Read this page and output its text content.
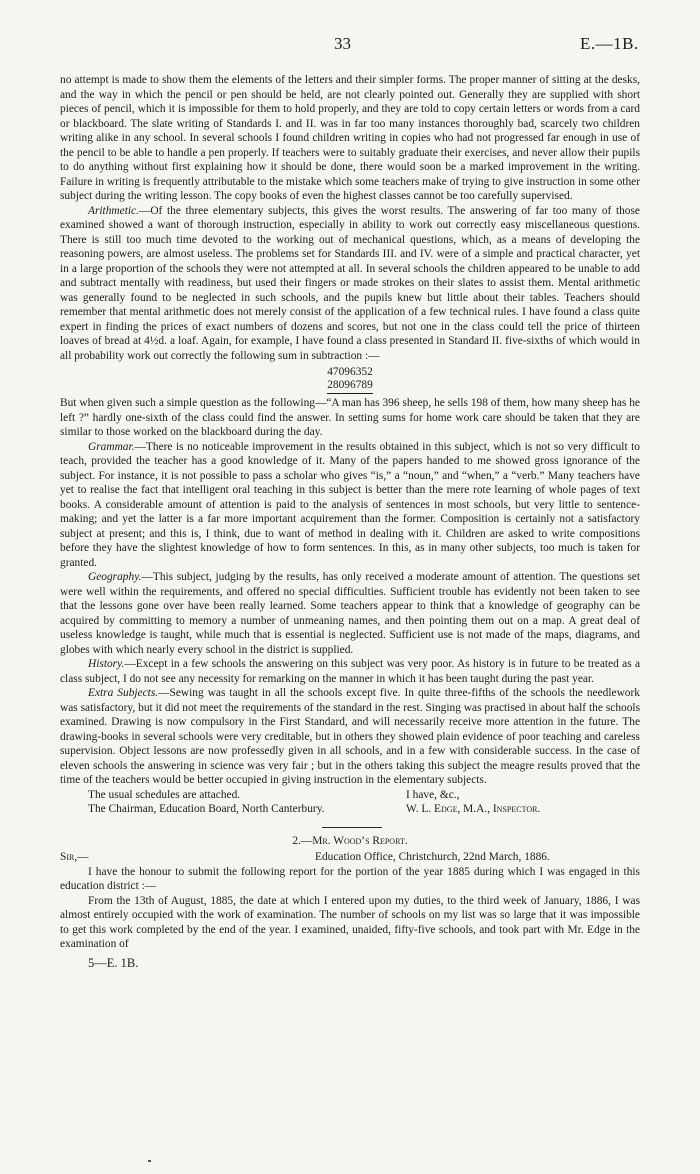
33	E.—1B.

no attempt is made to show them the elements of the letters and their simpler forms. The proper manner of sitting at the desks, and the way in which the pencil or pen should be held, are not clearly pointed out. Generally they are supplied with short pieces of pencil, which it is impossible for them to hold properly, and they are told to copy certain letters or words from a card or blackboard. The slate writing of Standards I. and II. was in far too many instances thoroughly bad, scarcely two children writing alike in any school. In several schools I found children writing in copies who had not progressed far enough in use of the pencil to be able to handle a pen properly. If teachers were to suitably graduate their exercises, and never allow their pupils to do anything without first explaining how it should be done, there would soon be a marked improvement in the writing. Failure in writing is frequently attributable to the mistake which some teachers make of trying to give instruction in some other subject during the writing lesson. The copy books of even the highest classes cannot be too carefully supervised.

Arithmetic.—Of the three elementary subjects, this gives the worst results. The answering of far too many of those examined showed a want of thorough instruction, especially in ability to work out correctly easy miscellaneous questions. There is still too much time devoted to the working out of mechanical questions, which, as a means of developing the reasoning powers, are almost useless. The problems set for Standards III. and IV. were of a simple and practical character, yet in a large proportion of the schools they were not attempted at all. In several schools the children appeared to be unable to add and subtract mentally with readiness, but used their fingers or made strokes on their slates to assist them. Mental arithmetic was generally found to be neglected in such schools, and the pupils knew but little about their tables. Teachers should remember that mental arithmetic does not merely consist of the application of a few technical rules. I have found a class quite expert in finding the prices of exact numbers of dozens and scores, but not one in the class could tell the price of thirteen loaves of bread at 4½d. a loaf. Again, for example, I have found a class presented in Standard II. five-sixths of which would in all probability work out correctly the following sum in subtraction :—

47096352
28096789

But when given such a simple question as the following—“A man has 396 sheep, he sells 198 of them, how many sheep has he left ?” hardly one-sixth of the class could find the answer. In setting sums for home work care should be taken that they are similar to those worked on the blackboard during the day.

Grammar.—There is no noticeable improvement in the results obtained in this subject, which is not so very difficult to teach, provided the teacher has a good knowledge of it. Many of the papers handed to me showed gross ignorance of the subject. For instance, it is not possible to pass a scholar who gives “is,” a “noun,” and “when,” a “verb.” Many teachers have yet to realise the fact that intelligent oral teaching in this subject is better than the mere rote learning of whole pages of text books. A considerable amount of attention is paid to the analysis of sentences in most schools, but very little to sentence-making; and yet the latter is a far more important acquirement than the former. Composition is certainly not a satisfactory subject at present; and this is, I think, due to want of method in dealing with it. Children are asked to write compositions before they have the slightest knowledge of how to form sentences. In this, as in many other subjects, too much is taken for granted.

Geography.—This subject, judging by the results, has only received a moderate amount of attention. The questions set were well within the requirements, and offered no special difficulties. Sufficient trouble has evidently not been taken to see that the lessons gone over have been really learned. Some teachers appear to think that a knowledge of geography can be acquired by committing to memory a number of unmeaning names, and then pointing them out on a map. A great deal of useless knowledge is taught, while much that is essential is neglected. Sufficient use is not made of the maps, diagrams, and globes with which nearly every school in the district is supplied.

History.—Except in a few schools the answering on this subject was very poor. As history is in future to be treated as a class subject, I do not see any necessity for remarking on the manner in which it has been taught during the past year.

Extra Subjects.—Sewing was taught in all the schools except five. In quite three-fifths of the schools the needlework was satisfactory, but it did not meet the requirements of the standard in the rest. Singing was practised in about half the schools examined. Drawing is now compulsory in the First Standard, and will necessarily receive more attention in the future. The drawing-books in several schools were very creditable, but in others they showed plain evidence of poor teaching and careless supervision. Object lessons are now professedly given in all schools, and in a few with considerable success. In the case of eleven schools the answering in science was very fair ; but in the others taking this subject the meagre results proved that the time of the teachers would be better occupied in giving instruction in the elementary subjects.

The usual schedules are attached.	I have, &c.,
The Chairman, Education Board, North Canterbury.	W. L. Edge, M.A., Inspector.
2.—Mr. Wood’s Report.
Sir,—	Education Office, Christchurch, 22nd March, 1886.

I have the honour to submit the following report for the portion of the year 1885 during which I was engaged in this education district :—

From the 13th of August, 1885, the date at which I entered upon my duties, to the third week of January, 1886, I was almost entirely occupied with the work of examination. The number of schools on my list was so large that it was impossible to get this work completed by the end of the year. I examined, unaided, fifty-five schools, and took part with Mr. Edge in the examination of

5—E. 1B.
